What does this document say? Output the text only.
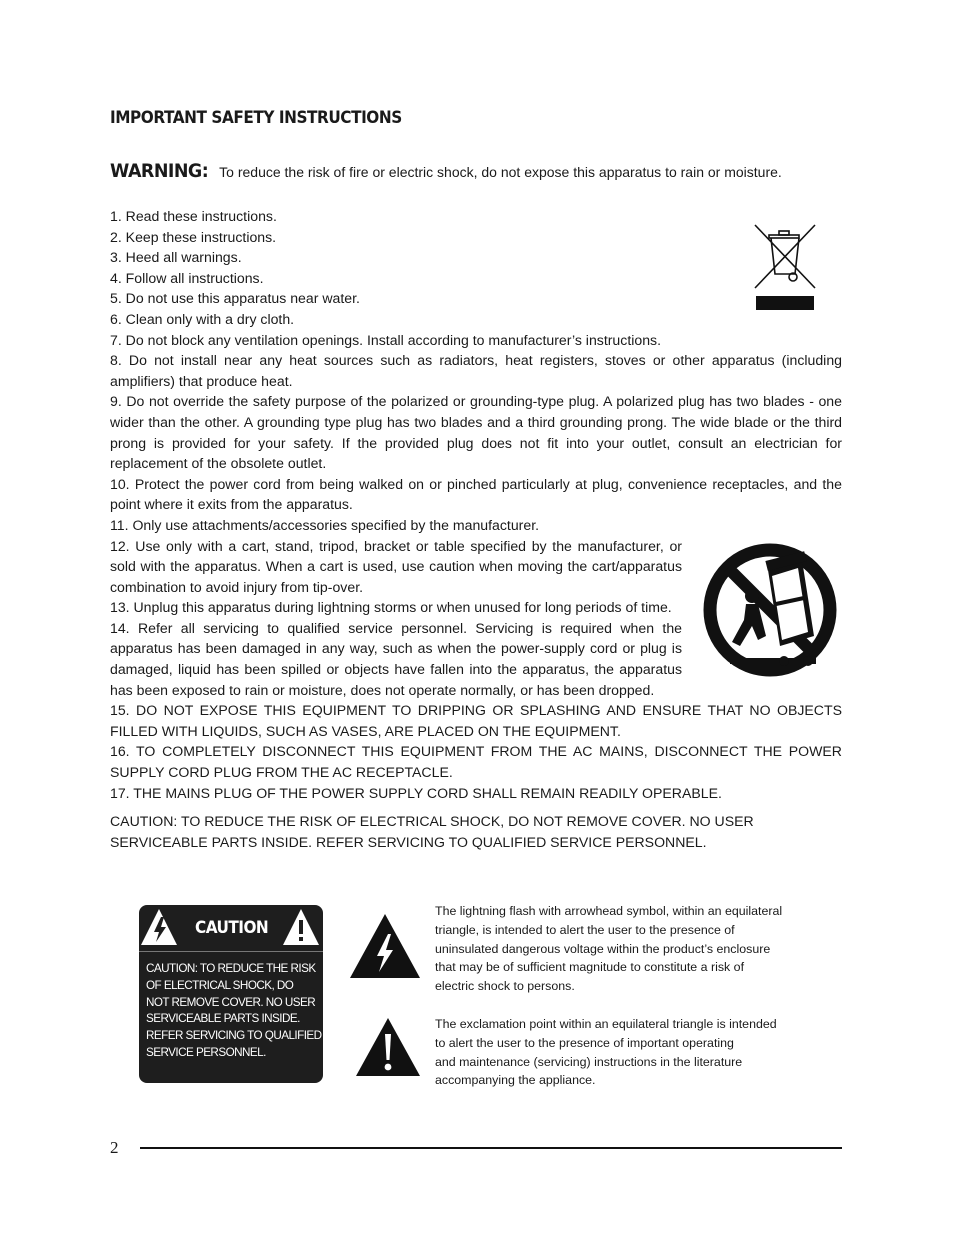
IMPORTANT SAFETY INSTRUCTIONS
WARNING: To reduce the risk of fire or electric shock, do not expose this apparatus to rain or moisture.
1. Read these instructions.
2. Keep these instructions.
3. Heed all warnings.
4. Follow all instructions.
5. Do not use this apparatus near water.
6. Clean only with a dry cloth.
7. Do not block any ventilation openings. Install according to manufacturer’s instructions.
8. Do not install near any heat sources such as radiators, heat registers, stoves or other apparatus (including amplifiers) that produce heat.
9. Do not override the safety purpose of the polarized or grounding-type plug. A polarized plug has two blades - one wider than the other. A grounding type plug has two blades and a third grounding prong. The wide blade or the third prong is provided for your safety. If the provided plug does not fit into your outlet, consult an electrician for replacement of the obsolete outlet.
10. Protect the power cord from being walked on or pinched particularly at plug, convenience receptacles, and the point where it exits from the apparatus.
11. Only use attachments/accessories specified by the manufacturer.
12. Use only with a cart, stand, tripod, bracket or table specified by the manufacturer, or sold with the apparatus. When a cart is used, use caution when moving the cart/apparatus combination to avoid injury from tip-over.
13. Unplug this apparatus during lightning storms or when unused for long periods of time.
14. Refer all servicing to qualified service personnel. Servicing is required when the apparatus has been damaged in any way, such as when the power-supply cord or plug is damaged, liquid has been spilled or objects have fallen into the apparatus, the apparatus has been exposed to rain or moisture, does not operate normally, or has been dropped.
15. DO NOT EXPOSE THIS EQUIPMENT TO DRIPPING OR SPLASHING AND ENSURE THAT NO OBJECTS FILLED WITH LIQUIDS, SUCH AS VASES, ARE PLACED ON THE EQUIPMENT.
16. TO COMPLETELY DISCONNECT THIS EQUIPMENT FROM THE AC MAINS, DISCONNECT THE POWER SUPPLY CORD PLUG FROM THE AC RECEPTACLE.
17. THE MAINS PLUG OF THE POWER SUPPLY CORD SHALL REMAIN READILY OPERABLE.

CAUTION: TO REDUCE THE RISK OF ELECTRICAL SHOCK, DO NOT REMOVE COVER. NO USER SERVICEABLE PARTS INSIDE. REFER SERVICING TO QUALIFIED SERVICE PERSONNEL.

CAUTION

CAUTION: TO REDUCE THE RISK
OF ELECTRICAL SHOCK, DO
NOT REMOVE COVER. NO USER
SERVICEABLE PARTS INSIDE.
REFER SERVICING TO QUALIFIED
SERVICE PERSONNEL.

The lightning flash with arrowhead symbol, within an equilateral
triangle, is intended to alert the user to the presence of
uninsulated dangerous voltage within the product’s enclosure
that may be of sufficient magnitude to constitute a risk of
electric shock to persons.

The exclamation point within an equilateral triangle is intended
to alert the user to the presence of important operating
and maintenance (servicing) instructions in the literature
accompanying the appliance.

2
